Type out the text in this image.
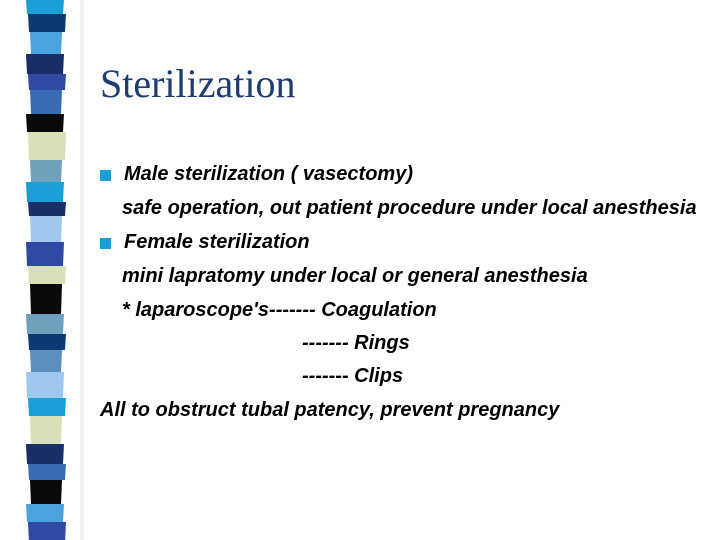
Sterilization

Male sterilization ( vasectomy)

safe operation, out patient procedure under local anesthesia

Female sterilization

mini lapratomy under local or general anesthesia

* laparoscope's------- Coagulation

------- Rings

------- Clips

All to obstruct tubal patency, prevent pregnancy
